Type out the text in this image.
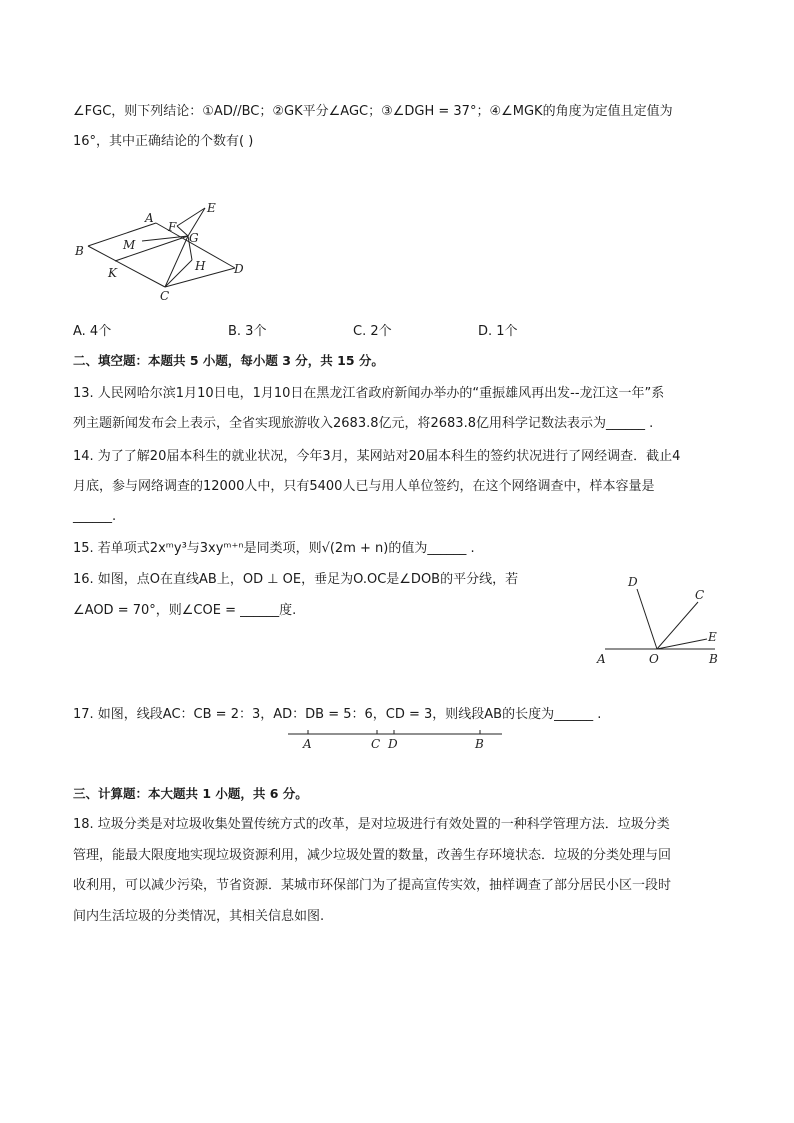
∠FGC，则下列结论：①AD//BC；②GK平分∠AGC；③∠DGH = 37°；④∠MGK的角度为定值且定值为
16°，其中正确结论的个数有( )
A
E
F
G
B	M
H D
K
C
A. 4个	B. 3个	C. 2个	D. 1个
二、填空题：本题共 5 小题，每小题 3 分，共 15 分。
13. 人民网哈尔滨1月10日电，1月10日在黑龙江省政府新闻办举办的“重振雄风再出发--龙江这一年”系
列主题新闻发布会上表示，全省实现旅游收入2683.8亿元，将2683.8亿用科学记数法表示为______ .
14. 为了了解20届本科生的就业状况，今年3月，某网站对20届本科生的签约状况进行了网经调查．截止4
月底，参与网络调查的12000人中，只有5400人已与用人单位签约，在这个网络调查中，样本容量是
______.
15. 若单项式2xᵐy³与3xyᵐ⁺ⁿ是同类项，则√(2m + n)的值为______ .
16. 如图，点O在直线AB上，OD ⊥ OE，垂足为O.OC是∠DOB的平分线，若
∠AOD = 70°，则∠COE = ______度.
D
C
E
A	O	B
17. 如图，线段AC：CB = 2：3，AD：DB = 5：6，CD = 3，则线段AB的长度为______ .
A	C D	B
三、计算题：本大题共 1 小题，共 6 分。
18. 垃圾分类是对垃圾收集处置传统方式的改革，是对垃圾进行有效处置的一种科学管理方法．垃圾分类
管理，能最大限度地实现垃圾资源利用，减少垃圾处置的数量，改善生存环境状态．垃圾的分类处理与回
收利用，可以减少污染，节省资源．某城市环保部门为了提高宣传实效，抽样调查了部分居民小区一段时
间内生活垃圾的分类情况，其相关信息如图.
